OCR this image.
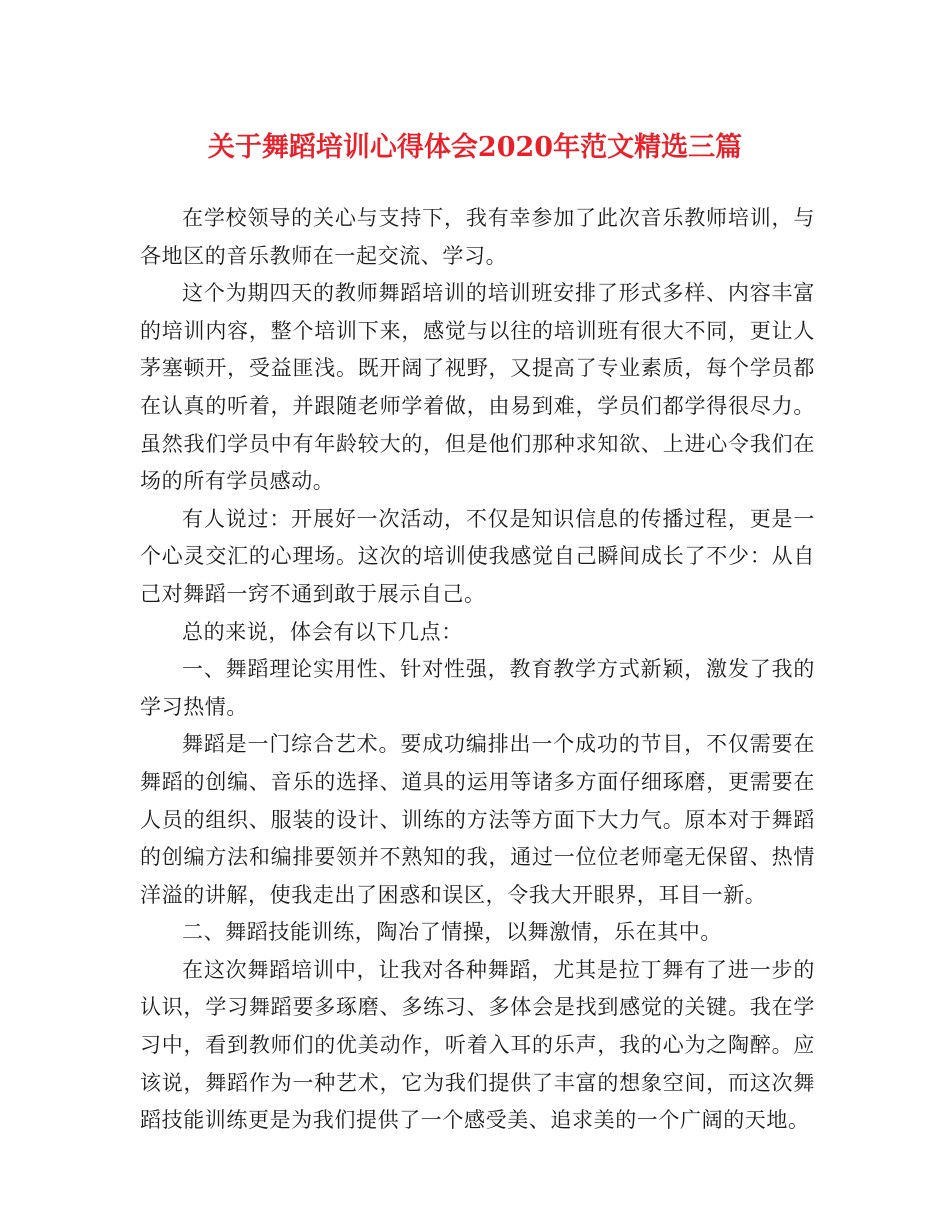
关于舞蹈培训心得体会2020年范文精选三篇

在学校领导的关心与支持下，我有幸参加了此次音乐教师培训，与各地区的音乐教师在一起交流、学习。

这个为期四天的教师舞蹈培训的培训班安排了形式多样、内容丰富的培训内容，整个培训下来，感觉与以往的培训班有很大不同，更让人茅塞顿开，受益匪浅。既开阔了视野，又提高了专业素质，每个学员都在认真的听着，并跟随老师学着做，由易到难，学员们都学得很尽力。虽然我们学员中有年龄较大的，但是他们那种求知欲、上进心令我们在场的所有学员感动。

有人说过：开展好一次活动，不仅是知识信息的传播过程，更是一个心灵交汇的心理场。这次的培训使我感觉自己瞬间成长了不少：从自己对舞蹈一窍不通到敢于展示自己。

总的来说，体会有以下几点：

一、舞蹈理论实用性、针对性强，教育教学方式新颖，激发了我的学习热情。

舞蹈是一门综合艺术。要成功编排出一个成功的节目，不仅需要在舞蹈的创编、音乐的选择、道具的运用等诸多方面仔细琢磨，更需要在人员的组织、服装的设计、训练的方法等方面下大力气。原本对于舞蹈的创编方法和编排要领并不熟知的我，通过一位位老师毫无保留、热情洋溢的讲解，使我走出了困惑和误区，令我大开眼界，耳目一新。

二、舞蹈技能训练，陶冶了情操，以舞激情，乐在其中。

在这次舞蹈培训中，让我对各种舞蹈，尤其是拉丁舞有了进一步的认识，学习舞蹈要多琢磨、多练习、多体会是找到感觉的关键。我在学习中，看到教师们的优美动作，听着入耳的乐声，我的心为之陶醉。应该说，舞蹈作为一种艺术，它为我们提供了丰富的想象空间，而这次舞蹈技能训练更是为我们提供了一个感受美、追求美的一个广阔的天地。
